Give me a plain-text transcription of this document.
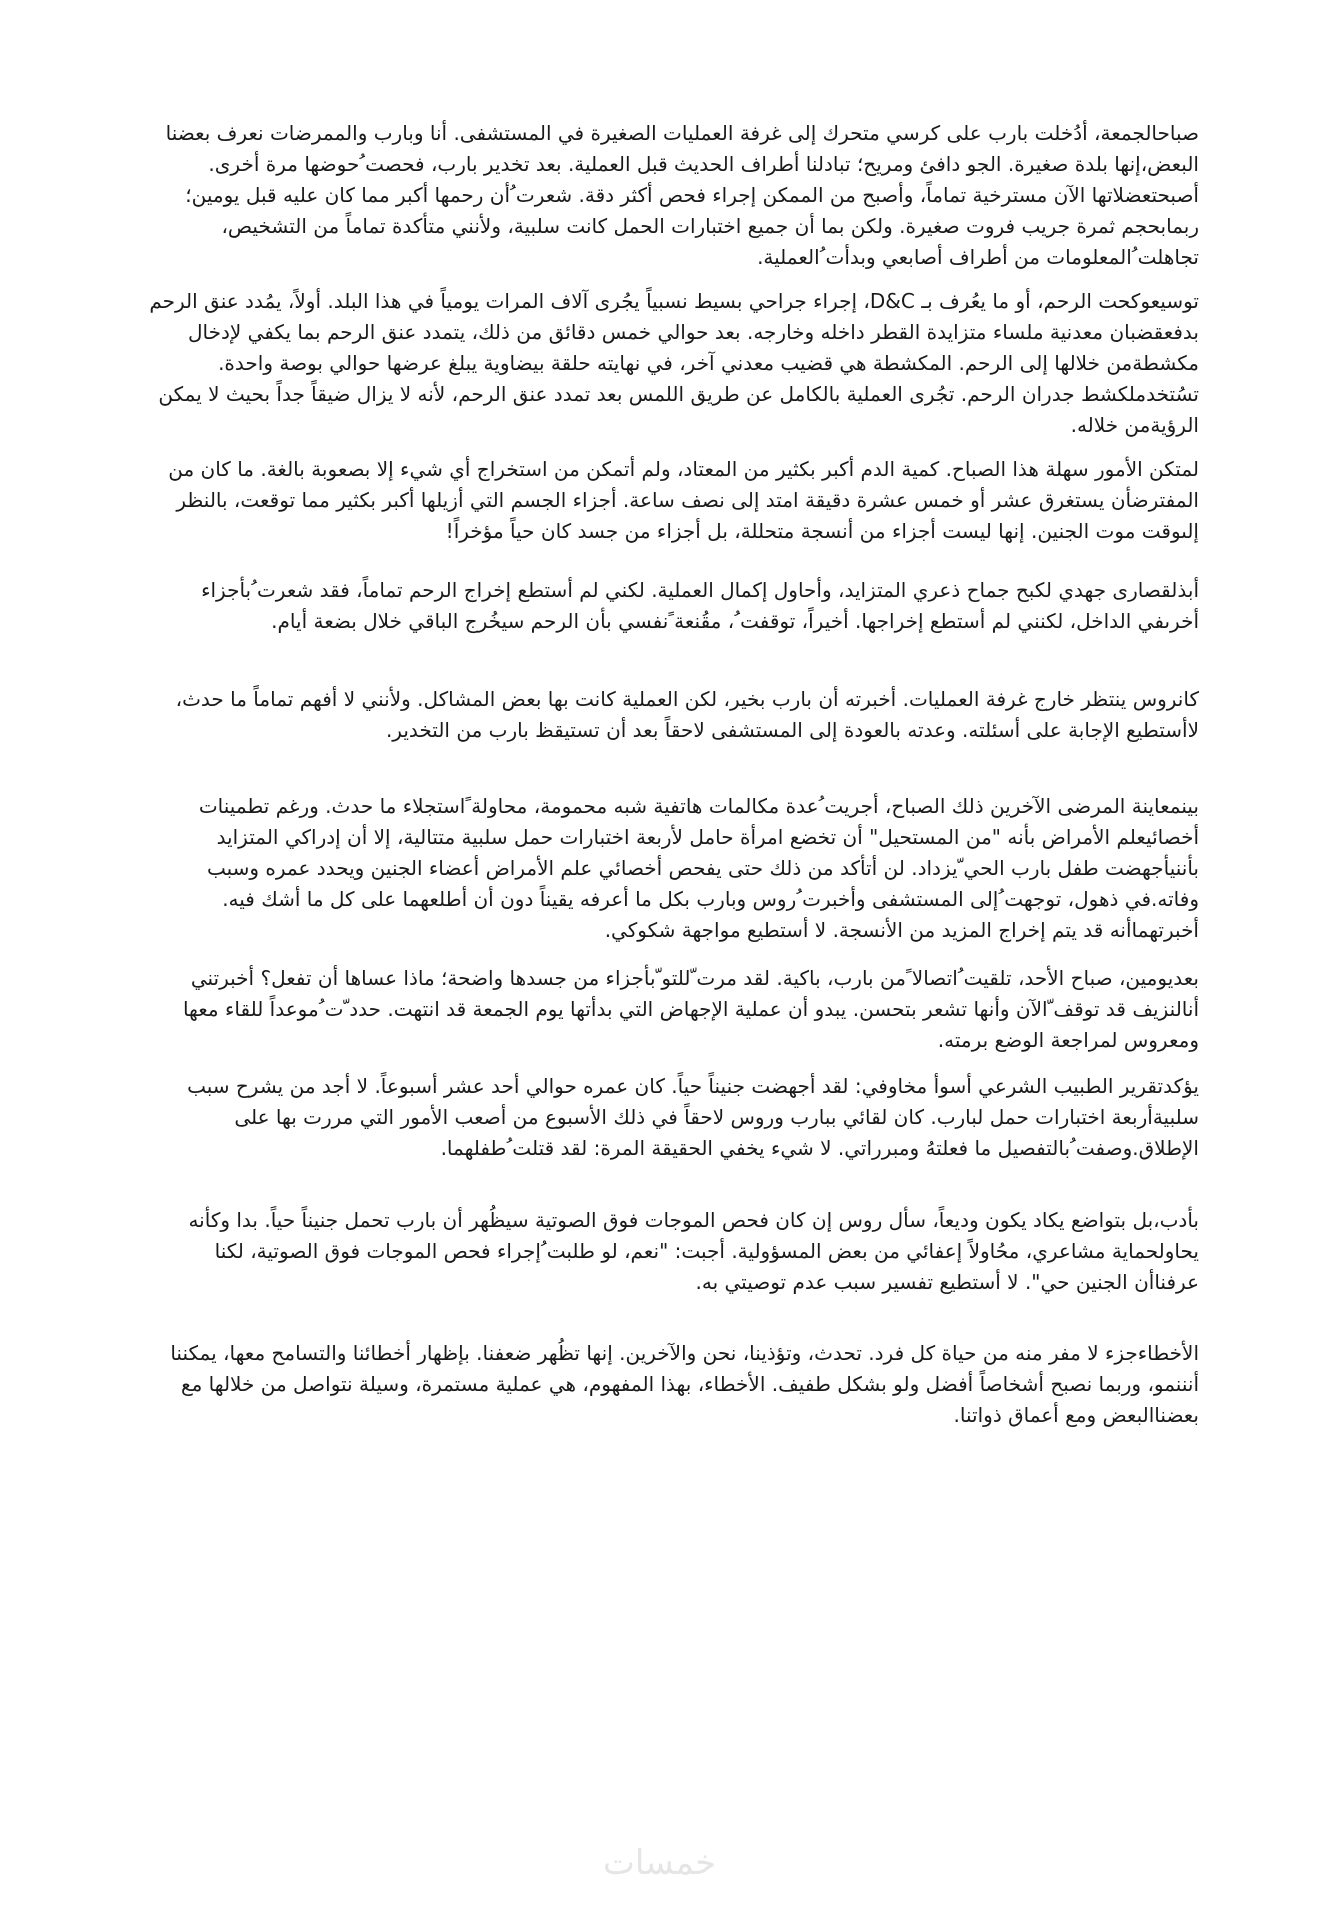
صباحالجمعة، أدُخلت بارب على كرسي متحرك إلى غرفة العمليات الصغيرة في المستشفى. أنا وبارب والممرضات نعرف بعضنا
البعض،إنها بلدة صغيرة. الجو دافئ ومريح؛ تبادلنا أطراف الحديث قبل العملية. بعد تخدير بارب، فحصت ُحوضها مرة أخرى.
أصبحتعضلاتها الآن مسترخية تماماً، وأصبح من الممكن إجراء فحص أكثر دقة. شعرت ُأن رحمها أكبر مما كان عليه قبل يومين؛
ربمابحجم ثمرة جريب فروت صغيرة. ولكن بما أن جميع اختبارات الحمل كانت سلبية، ولأنني متأكدة تماماً من التشخيص،
تجاهلت ُالمعلومات من أطراف أصابعي وبدأت ُالعملية.

توسيعوكحت الرحم، أو ما يعُرف بـ D&C، إجراء جراحي بسيط نسبياً يجُرى آلاف المرات يومياً في هذا البلد. أولاً، يمُدد عنق الرحم
بدفعقضبان معدنية ملساء متزايدة القطر داخله وخارجه. بعد حوالي خمس دقائق من ذلك، يتمدد عنق الرحم بما يكفي لإدخال
مكشطةمن خلالها إلى الرحم. المكشطة هي قضيب معدني آخر، في نهايته حلقة بيضاوية يبلغ عرضها حوالي بوصة واحدة.
تسُتخدملكشط جدران الرحم. تجُرى العملية بالكامل عن طريق اللمس بعد تمدد عنق الرحم، لأنه لا يزال ضيقاً جداً بحيث لا يمكن
الرؤيةمن خلاله.

لمتكن الأمور سهلة هذا الصباح. كمية الدم أكبر بكثير من المعتاد، ولم أتمكن من استخراج أي شيء إلا بصعوبة بالغة. ما كان من
المفترضأن يستغرق عشر أو خمس عشرة دقيقة امتد إلى نصف ساعة. أجزاء الجسم التي أزيلها أكبر بكثير مما توقعت، بالنظر
إلىوقت موت الجنين. إنها ليست أجزاء من أنسجة متحللة، بل أجزاء من جسد كان حياً مؤخراً!

أبذلقصارى جهدي لكبح جماح ذعري المتزايد، وأحاول إكمال العملية. لكني لم أستطع إخراج الرحم تماماً، فقد شعرت ُبأجزاء
أخرىفي الداخل، لكنني لم أستطع إخراجها. أخيراً، توقفت ُ، مقُنعة ًنفسي بأن الرحم سيخُرج الباقي خلال بضعة أيام.

كانروس ينتظر خارج غرفة العمليات. أخبرته أن بارب بخير، لكن العملية كانت بها بعض المشاكل. ولأنني لا أفهم تماماً ما حدث،
لاأستطيع الإجابة على أسئلته. وعدته بالعودة إلى المستشفى لاحقاً بعد أن تستيقظ بارب من التخدير.

بينمعاينة المرضى الآخرين ذلك الصباح، أجريت ُعدة مكالمات هاتفية شبه محمومة، محاولة ًاستجلاء ما حدث. ورغم تطمينات
أخصائيعلم الأمراض بأنه "من المستحيل" أن تخضع امرأة حامل لأربعة اختبارات حمل سلبية متتالية، إلا أن إدراكي المتزايد
بأننيأجهضت طفل بارب الحي ّيزداد. لن أتأكد من ذلك حتى يفحص أخصائي علم الأمراض أعضاء الجنين ويحدد عمره وسبب
وفاته.في ذهول، توجهت ُإلى المستشفى وأخبرت ُروس وبارب بكل ما أعرفه يقيناً دون أن أطلعهما على كل ما أشك فيه.
أخبرتهماأنه قد يتم إخراج المزيد من الأنسجة. لا أستطيع مواجهة شكوكي.

بعديومين، صباح الأحد، تلقيت ُاتصالا ًمن بارب، باكية. لقد مرت ّللتو ّبأجزاء من جسدها واضحة؛ ماذا عساها أن تفعل؟ أخبرتني
أنالنزيف قد توقف ّالآن وأنها تشعر بتحسن. يبدو أن عملية الإجهاض التي بدأتها يوم الجمعة قد انتهت. حدد ّت ُموعداً للقاء معها
ومعروس لمراجعة الوضع برمته.

يؤكدتقرير الطبيب الشرعي أسوأ مخاوفي: لقد أجهضت جنيناً حياً. كان عمره حوالي أحد عشر أسبوعاً. لا أجد من يشرح سبب
سلبيةأربعة اختبارات حمل لبارب. كان لقائي ببارب وروس لاحقاً في ذلك الأسبوع من أصعب الأمور التي مررت بها على
الإطلاق.وصفت ُبالتفصيل ما فعلتهُ ومبرراتي. لا شيء يخفي الحقيقة المرة: لقد قتلت ُطفلهما.

بأدب،بل بتواضع يكاد يكون وديعاً، سأل روس إن كان فحص الموجات فوق الصوتية سيظُهر أن بارب تحمل جنيناً حياً. بدا وكأنه
يحاولحماية مشاعري، محُاولاً إعفائي من بعض المسؤولية. أجبت: "نعم، لو طلبت ُإجراء فحص الموجات فوق الصوتية، لكنا
عرفناأن الجنين حي". لا أستطيع تفسير سبب عدم توصيتي به.

الأخطاءجزء لا مفر منه من حياة كل فرد. تحدث، وتؤذينا، نحن والآخرين. إنها تظُهر ضعفنا. بإظهار أخطائنا والتسامح معها، يمكننا
أنننمو، وربما نصبح أشخاصاً أفضل ولو بشكل طفيف. الأخطاء، بهذا المفهوم، هي عملية مستمرة، وسيلة نتواصل من خلالها مع
بعضناالبعض ومع أعماق ذواتنا.

خمسات
